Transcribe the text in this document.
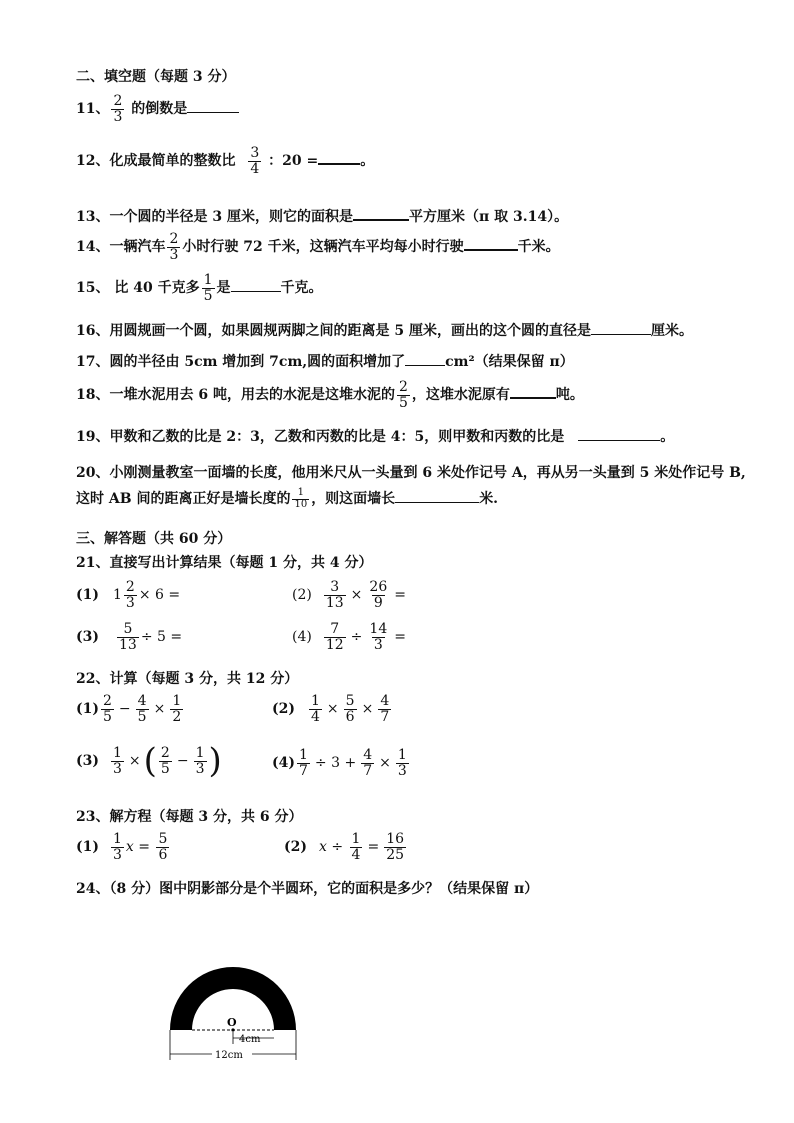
二、填空题（每题 3 分）
11、 $\frac{2}{3}$ 的倒数是
12、化成最简单的整数比 $\frac{3}{4}$ ：20 =	。
13、一个圆的半径是 3 厘米，则它的面积是	平方厘米（π 取 3.14）。
14、一辆汽车 $\frac{2}{3}$ 小时行驶 72 千米，这辆汽车平均每小时行驶	千米。
15、 比 40 千克多 $\frac{1}{5}$ 是	千克。
16、用圆规画一个圆，如果圆规两脚之间的距离是 5 厘米，画出的这个圆的直径是	厘米。
17、圆的半径由 5cm 增加到 7cm,圆的面积增加了	cm²（结果保留 π）
18、一堆水泥用去 6 吨，用去的水泥是这堆水泥的 $\frac{2}{5}$ ，这堆水泥原有	吨。
19、甲数和乙数的比是 2：3，乙数和丙数的比是 4：5，则甲数和丙数的比是	。
20、小刚测量教室一面墙的长度，他用米尺从一头量到 6 米处作记号 A，再从另一头量到 5 米处作记号 B,
这时 AB 间的距离正好是墙长度的 $\frac{1}{10}$ ，则这面墙长	米.
三、解答题（共 60 分）
21、直接写出计算结果（每题 1 分，共 4 分）
(1) $1 \frac{2}{3} \times 6$ =	$(2) \frac{3}{13} \times \frac{26}{9}$ =
$(3) \frac{5}{13} \div 5$ =	$(4) \frac{7}{12} \div \frac{14}{3}$ =
22、计算（每题 3 分，共 12 分）
$(1) \frac{2}{5} - \frac{4}{5} \times \frac{1}{2}$	$(2) \frac{1}{4} \times \frac{5}{6} \times \frac{4}{7}$
$(3) \frac{1}{3}$ ×( $\frac{2}{5} - \frac{1}{3}$ )	$(4) \frac{1}{7} \div 3 + \frac{4}{7} \times \frac{1}{3}$
23、解方程（每题 3 分，共 6 分）
$(1) \frac{1}{3}$ $x = \frac{5}{6}$	(2) $x \div \frac{1}{4} = \frac{16}{25}$
24、（8 分）图中阴影部分是个半圆环，它的面积是多少？（结果保留 π）
O
4cm
12cm
